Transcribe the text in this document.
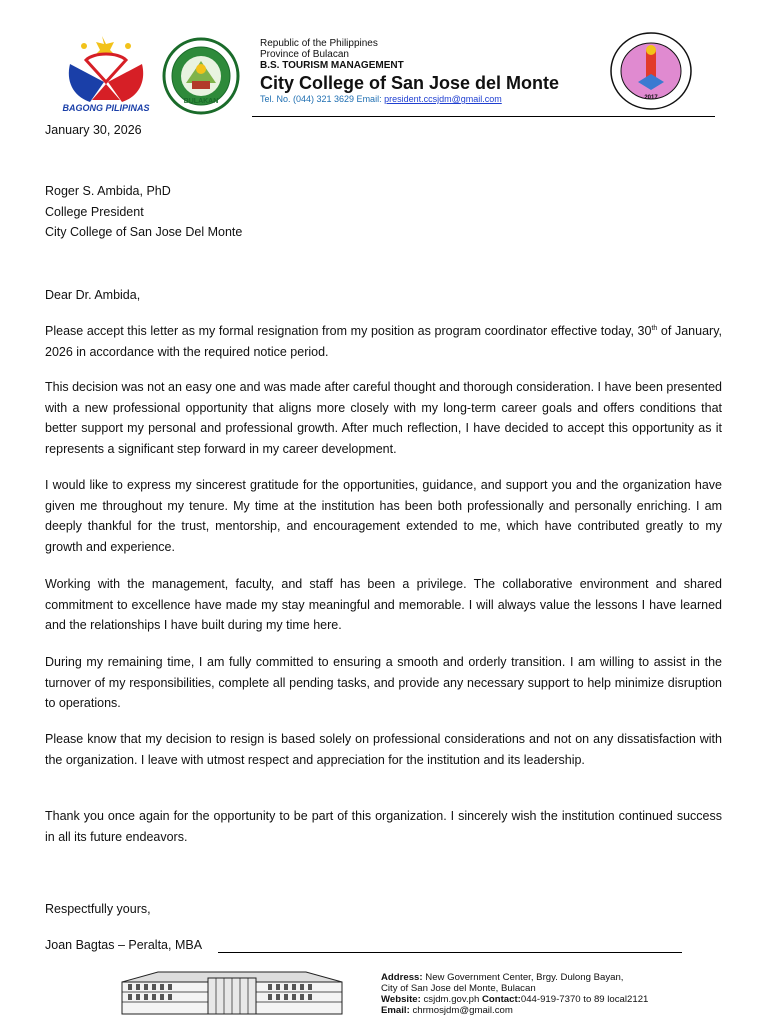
BAGONG PILIPINAS
BULAKAN	2017
Republic of the Philippines
Province of Bulacan
B.S. TOURISM MANAGEMENT
City College of San Jose del Monte
Tel. No. (044) 321 3629 Email: president.ccsjdm@gmail.com
January 30, 2026
Roger S. Ambida, PhD
College President
City College of San Jose Del Monte
Dear Dr. Ambida,

Please accept this letter as my formal resignation from my position as program coordinator effective today, 30th of January, 2026 in accordance with the required notice period.

This decision was not an easy one and was made after careful thought and thorough consideration. I have been presented with a new professional opportunity that aligns more closely with my long-term career goals and offers conditions that better support my personal and professional growth. After much reflection, I have decided to accept this opportunity as it represents a significant step forward in my career development.

I would like to express my sincerest gratitude for the opportunities, guidance, and support you and the organization have given me throughout my tenure. My time at the institution has been both professionally and personally enriching. I am deeply thankful for the trust, mentorship, and encouragement extended to me, which have contributed greatly to my growth and experience.

Working with the management, faculty, and staff has been a privilege. The collaborative environment and shared commitment to excellence have made my stay meaningful and memorable. I will always value the lessons I have learned and the relationships I have built during my time here.

During my remaining time, I am fully committed to ensuring a smooth and orderly transition. I am willing to assist in the turnover of my responsibilities, complete all pending tasks, and provide any necessary support to help minimize disruption to operations.

Please know that my decision to resign is based solely on professional considerations and not on any dissatisfaction with the organization. I leave with utmost respect and appreciation for the institution and its leadership.

Thank you once again for the opportunity to be part of this organization. I sincerely wish the institution continued success in all its future endeavors.

Respectfully yours,
Joan Bagtas – Peralta, MBA
Address: New Government Center, Brgy. Dulong Bayan,
City of San Jose del Monte, Bulacan
Website: csjdm.gov.ph Contact:044-919-7370 to 89 local2121
Email: chrmosjdm@gmail.com
